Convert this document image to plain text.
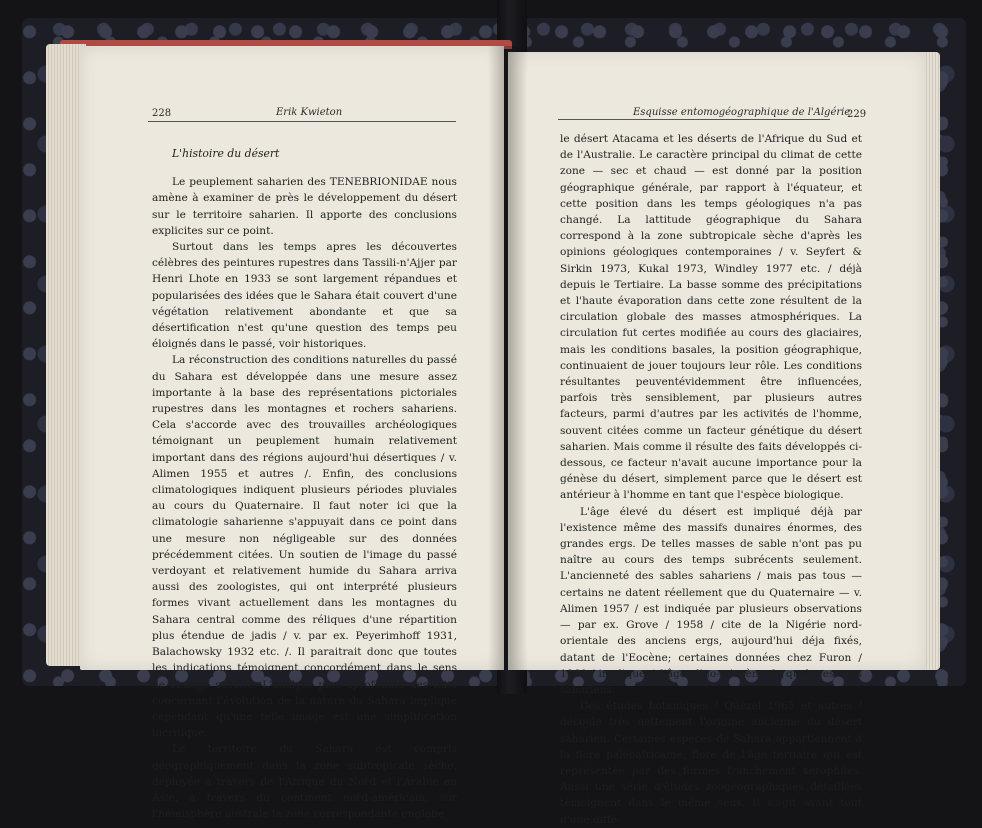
228	Erik Kwieton

L'histoire du désert

Le peuplement saharien des TENEBRIONIDAE nous amène à examiner de près le développement du désert sur le territoire saharien. Il apporte des conclusions explicites sur ce point.

Surtout dans les temps apres les découvertes célèbres des peintures rupestres dans Tassili-n'Ajjer par Henri Lhote en 1933 se sont largement répandues et popularisées des idées que le Sahara était couvert d'une végétation relativement abondante et que sa désertification n'est qu'une question des temps peu éloignés dans le passé, voir historiques.

La réconstruction des conditions naturelles du passé du Sahara est développée dans une mesure assez importante à la base des représentations pictoriales rupestres dans les montagnes et rochers sahariens. Cela s'accorde avec des trouvailles archéologiques témoignant un peuplement humain relativement important dans des régions aujourd'hui désertiques / v. Alimen 1955 et autres /. Enfin, des conclusions climatologiques indiquent plusieurs périodes pluviales au cours du Quaternaire. Il faut noter ici que la climatologie saharienne s'appuyait dans ce point dans une mesure non négligeable sur des données précédemment citées. Un soutien de l'image du passé verdoyant et relativement humide du Sahara arriva aussi des zoologistes, qui ont interprété plusieurs formes vivant actuellement dans les montagnes du Sahara central comme des réliques d'une répartition plus étendue de jadis / v. par ex. Peyerimhoff 1931, Balachowsky 1932 etc. /. Il paraitrait donc que toutes les indications témoignent concordément dans le sens de l'image susdite. L'analyse plus aprofondie des faits concernant l'évolution de la nature du Sahara implique cependant qu'une telle image est une simplification incritique.

Le territoire du Sahara est compris géographiquement dans la zone subtropicale sèche, déployée à travers de l'Afrique du Nord et l'Arabie en Asie, à travers du continent nord-américain, sur l'hémisphère australe la zone correspondante englobe

Esquisse entomogéographique de l'Algérie
229

le désert Atacama et les déserts de l'Afrique du Sud et de l'Australie. Le caractère principal du climat de cette zone — sec et chaud — est donné par la position géographique générale, par rapport à l'équateur, et cette position dans les temps géologiques n'a pas changé. La lattitude géographique du Sahara correspond à la zone subtropicale sèche d'après les opinions géologiques contemporaines / v. Seyfert & Sirkin 1973, Kukal 1973, Windley 1977 etc. / déjà depuis le Tertiaire. La basse somme des précipitations et l'haute évaporation dans cette zone résultent de la circulation globale des masses atmosphériques. La circulation fut certes modifiée au cours des glaciaires, mais les conditions basales, la position géographique, continuaient de jouer toujours leur rôle. Les conditions résultantes peuventévidemment être influencées, parfois très sensiblement, par plusieurs autres facteurs, parmi d'autres par les activités de l'homme, souvent citées comme un facteur génétique du désert saharien. Mais comme il résulte des faits développés ci-dessous, ce facteur n'avait aucune importance pour la génèse du désert, simplement parce que le désert est antérieur à l'homme en tant que l'espèce biologique.

L'âge élevé du désert est impliqué déjà par l'existence même des massifs dunaires énormes, des grandes ergs. De telles masses de sable n'ont pas pu naître au cours des temps subrécents seulement. L'ancienneté des sables sahariens / mais pas tous — certains ne datent réellement que du Quaternaire — v. Alimen 1957 / est indiquée par plusieurs observations — par ex. Grove / 1958 / cite de la Nigérie nord-orientale des anciens ergs, aujourd'hui déja fixés, datant de l'Eocène; certaines données chez Furon / 1960 / impliquent l'âge oligo-miocène de quelques ergs sahariens.

Des études botaniques / Quézel 1965 et autres / découle très nettement l'origine ancienne du désert saharien. Certaines especes de Sahara appartiennent à la flore paléoafricaine, flore de l'âge tertiaire qui est représentée par des formes franchement xerophiles. Aussi une série d'études zoogéographiques détaillées témoignent dans le même sens. Il s'agit avant tout d'une diffé-
